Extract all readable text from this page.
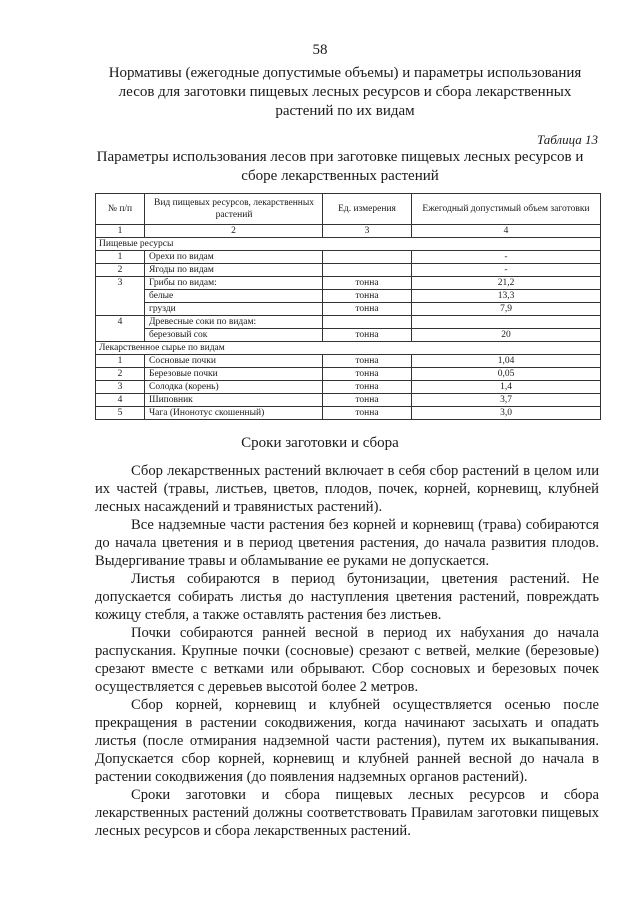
58
Нормативы (ежегодные допустимые объемы) и параметры использования лесов для заготовки пищевых лесных ресурсов и сбора лекарственных растений по их видам
Таблица 13
Параметры использования лесов при заготовке пищевых лесных ресурсов и сборе лекарственных растений
№ п/п	Вид пищевых ресурсов, лекарственных растений	Ед. измерения	Ежегодный допустимый объем заготовки
1	2	3	4
Пищевые ресурсы			
1	Орехи по видам		-
2	Ягоды по видам		-
3	Грибы по видам:	тонна	21,2
	белые	тонна	13,3
	грузди	тонна	7,9
4	Древесные соки по видам:		
	березовый сок	тонна	20
Лекарственное сырье по видам			
1	Сосновые почки	тонна	1,04
2	Березовые почки	тонна	0,05
3	Солодка (корень)	тонна	1,4
4	Шиповник	тонна	3,7
5	Чага (Инонотус скошенный)	тонна	3,0
Сроки заготовки и сбора

Сбор лекарственных растений включает в себя сбор растений в целом или их частей (травы, листьев, цветов, плодов, почек, корней, корневищ, клубней лесных насаждений и травянистых растений).

Все надземные части растения без корней и корневищ (трава) собираются до начала цветения и в период цветения растения, до начала развития плодов. Выдергивание травы и обламывание ее руками не допускается.

Листья собираются в период бутонизации, цветения растений. Не допускается собирать листья до наступления цветения растений, повреждать кожицу стебля, а также оставлять растения без листьев.

Почки собираются ранней весной в период их набухания до начала распускания. Крупные почки (сосновые) срезают с ветвей, мелкие (березовые) срезают вместе с ветками или обрывают. Сбор сосновых и березовых почек осуществляется с деревьев высотой более 2 метров.

Сбор корней, корневищ и клубней осуществляется осенью после прекращения в растении сокодвижения, когда начинают засыхать и опадать листья (после отмирания надземной части растения), путем их выкапывания. Допускается сбор корней, корневищ и клубней ранней весной до начала в растении сокодвижения (до появления надземных органов растений).

Сроки заготовки и сбора пищевых лесных ресурсов и сбора лекарственных растений должны соответствовать Правилам заготовки пищевых лесных ресурсов и сбора лекарственных растений.
